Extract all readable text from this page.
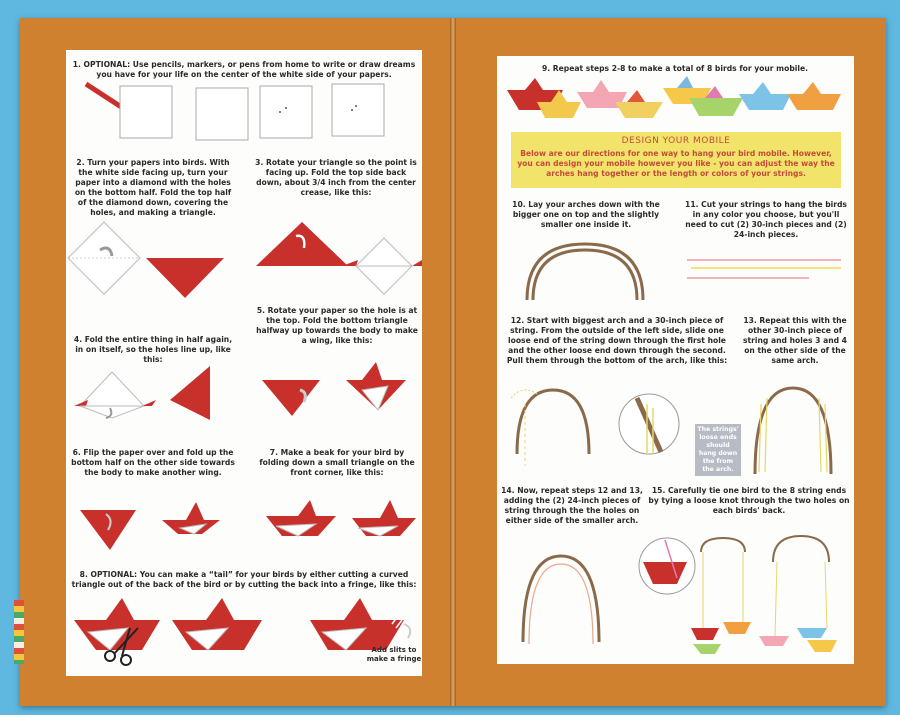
1. OPTIONAL: Use pencils, markers, or pens from home to write or draw dreams you have for your life on the center of the white side of your papers.
2. Turn your papers into birds. With the white side facing up, turn your paper into a diamond with the holes on the bottom half. Fold the top half of the diamond down, covering the holes, and making a triangle.
3. Rotate your triangle so the point is facing up. Fold the top side back down, about 3/4 inch from the center crease, like this:
5. Rotate your paper so the hole is at the top. Fold the bottom triangle halfway up towards the body to make a wing, like this:
4. Fold the entire thing in half again, in on itself, so the holes line up, like this:
6. Flip the paper over and fold up the bottom half on the other side towards the body to make another wing.
7. Make a beak for your bird by folding down a small triangle on the front corner, like this:
8. OPTIONAL: You can make a “tail” for your birds by either cutting a curved triangle out of the back of the bird or by cutting the back into a fringe, like this:
Add slits to make a fringe
9. Repeat steps 2-8 to make a total of 8 birds for your mobile.
DESIGN YOUR MOBILE
Below are our directions for one way to hang your bird mobile. However, you can design your mobile however you like - you can adjust the way the arches hang together or the length or colors of your strings.
10. Lay your arches down with the bigger one on top and the slightly smaller one inside it.
11. Cut your strings to hang the birds in any color you choose, but you'll need to cut (2) 30-inch pieces and (2) 24-inch pieces.
12. Start with biggest arch and a 30-inch piece of string. From the outside of the left side, slide one loose end of the string down through the first hole and the other loose end down through the second. Pull them through the bottom of the arch, like this:
13. Repeat this with the other 30-inch piece of string and holes 3 and 4 on the other side of the same arch.
The strings' loose ends should hang down the from the arch.
14. Now, repeat steps 12 and 13, adding the (2) 24-inch pieces of string through the the holes on either side of the smaller arch.
15. Carefully tie one bird to the 8 string ends by tying a loose knot through the two holes on each birds' back.
